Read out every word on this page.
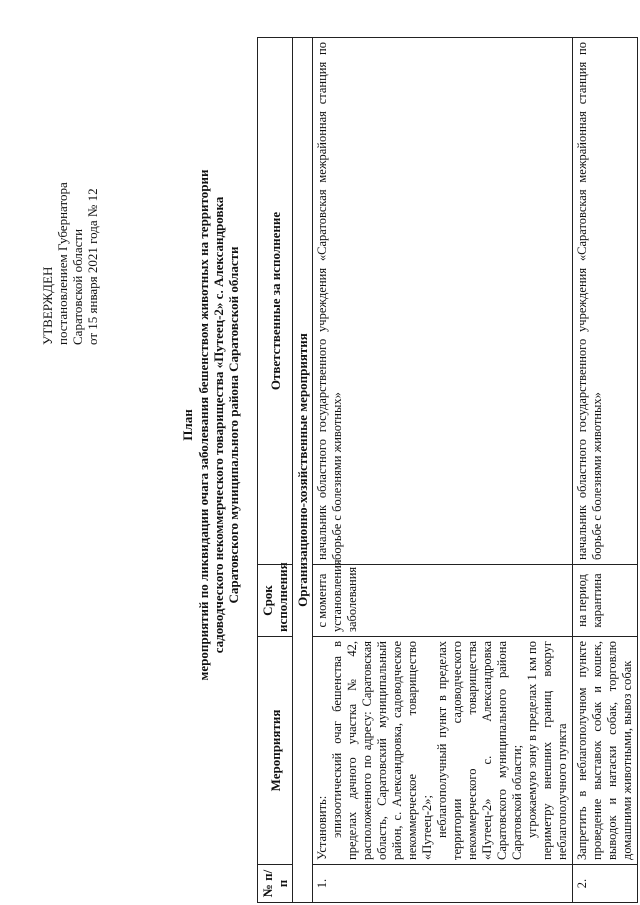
УТВЕРЖДЕН постановлением Губернатора Саратовской области от 15 января 2021 года № 12
План мероприятий по ликвидации очага заболевания бешенством животных на территории садоводческого некоммерческого товарищества «Путеец-2» с. Александровка Саратовского муниципального района Саратовской области
№ п/п	Мероприятия	Срок исполнения	Ответственные за исполнение
Организационно-хозяйственные мероприятия			
1.	Установить: эпизоотический очаг бешенства в пределах дачного участка № 42, расположенного по адресу: Саратовская область, Саратовский муниципальный район, с. Александровка, садоводческое некоммерческое товарищество «Путеец-2»; неблагополучный пункт в пределах территории садоводческого некоммерческого товарищества «Путеец-2» с. Александровка Саратовского муниципального района Саратовской области; угрожаемую зону в пределах 1 км по периметру внешних границ вокруг неблагополучного пункта	с момента установления заболевания	начальник областного государственного учреждения «Саратовская межрайонная станция по борьбе с болезнями животных»
2.	Запретить в неблагополучном пункте проведение выставок собак и кошек, выводок и натаски собак, торговлю домашними животными, вывоз собак	на период карантина	начальник областного государственного учреждения «Саратовская межрайонная станция по борьбе с болезнями животных»
